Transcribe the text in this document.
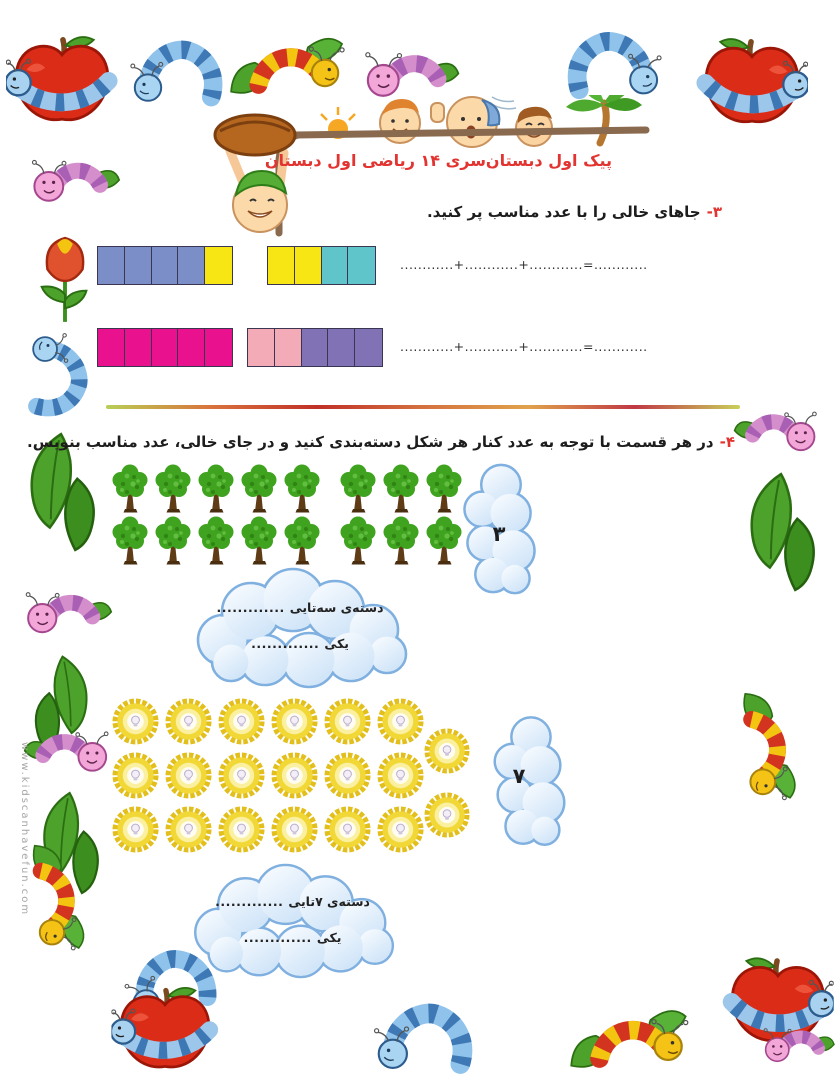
پیک اول دبستان
سری ۱۴ ریاضی اول دبستان
۳-
جاهای خالی را با عدد مناسب پر کنید.
............+............+............=............
............+............+............=............
۴-
در هر قسمت با توجه به عدد کنار هر شکل دسته‌بندی کنید و در جای خالی، عدد مناسب بنویس.
۳
............. دسته‌ی سه‌تایی
............. یکی
۷
............. دسته‌ی ۷تایی
............. یکی
www.kidscanhavefun.com
